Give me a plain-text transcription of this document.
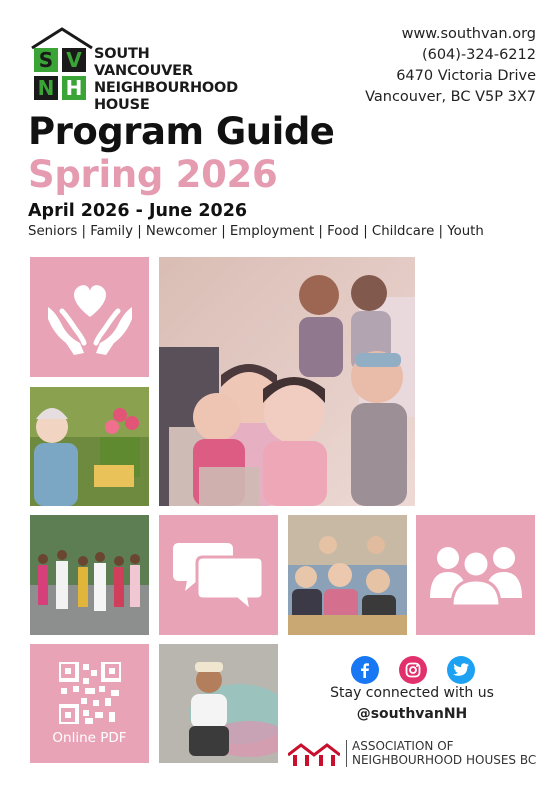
S V
N H
SOUTH VANCOUVER
NEIGHBOURHOOD
HOUSE
www.southvan.org
(604)-324-6212
6470 Victoria Drive
Vancouver, BC V5P 3X7
Program Guide
Spring 2026
April 2026 - June 2026
Seniors | Family | Newcomer | Employment | Food | Childcare | Youth
Online PDF
Stay connected with us
@southvanNH
ASSOCIATION OF
NEIGHBOURHOOD HOUSES BC
